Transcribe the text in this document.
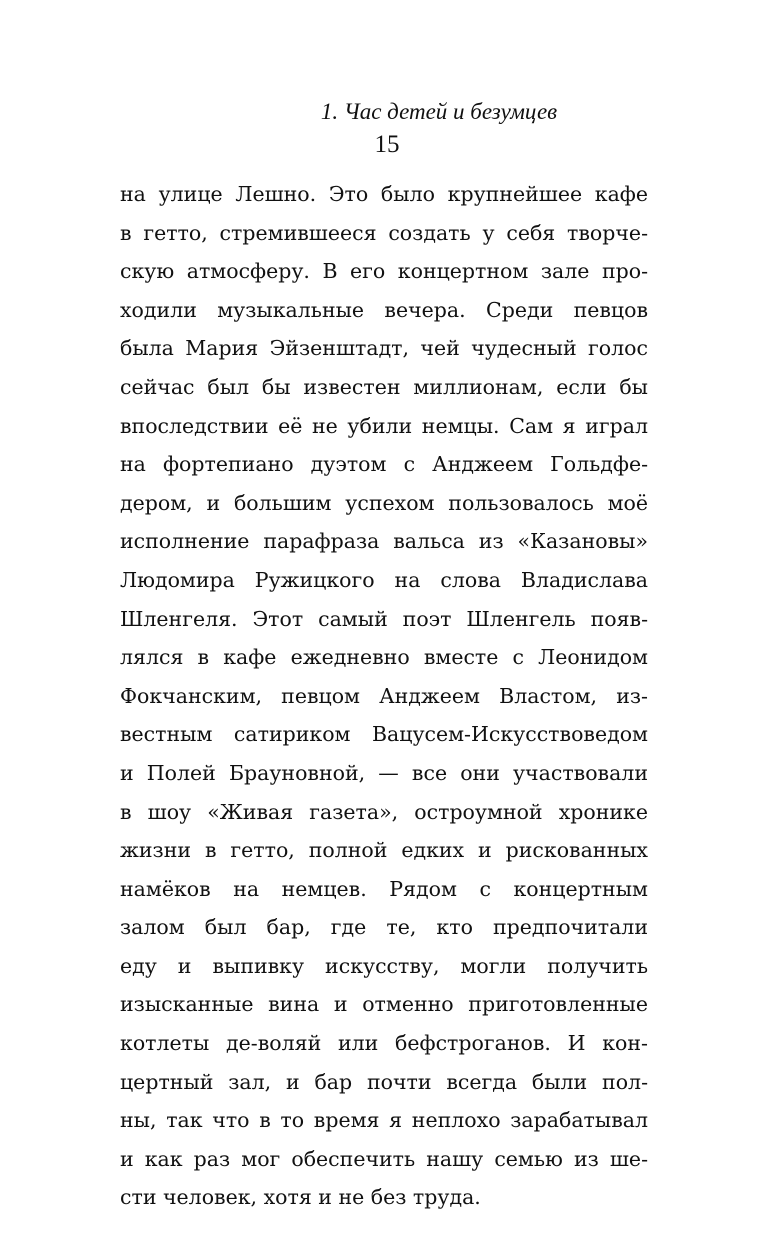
1. Час детей и безумцев
15
на улице Лешно. Это было крупнейшее кафе
в гетто, стремившееся создать у себя творче-
скую атмосферу. В его концертном зале про-
ходили музыкальные вечера. Среди певцов
была Мария Эйзенштадт, чей чудесный голос
сейчас был бы известен миллионам, если бы
впоследствии её не убили немцы. Сам я играл
на фортепиано дуэтом с Анджеем Гольдфе-
дером, и большим успехом пользовалось моё
исполнение парафраза вальса из «Казановы»
Людомира Ружицкого на слова Владислава
Шленгеля. Этот самый поэт Шленгель появ-
лялся в кафе ежедневно вместе с Леонидом
Фокчанским, певцом Анджеем Властом, из-
вестным сатириком Вацусем-Искусствоведом
и Полей Брауновной, — все они участвовали
в шоу «Живая газета», остроумной хронике
жизни в гетто, полной едких и рискованных
намёков на немцев. Рядом с концертным
залом был бар, где те, кто предпочитали
еду и выпивку искусству, могли получить
изысканные вина и отменно приготовленные
котлеты де-воляй или бефстроганов. И кон-
цертный зал, и бар почти всегда были пол-
ны, так что в то время я неплохо зарабатывал
и как раз мог обеспечить нашу семью из ше-
сти человек, хотя и не без труда.
